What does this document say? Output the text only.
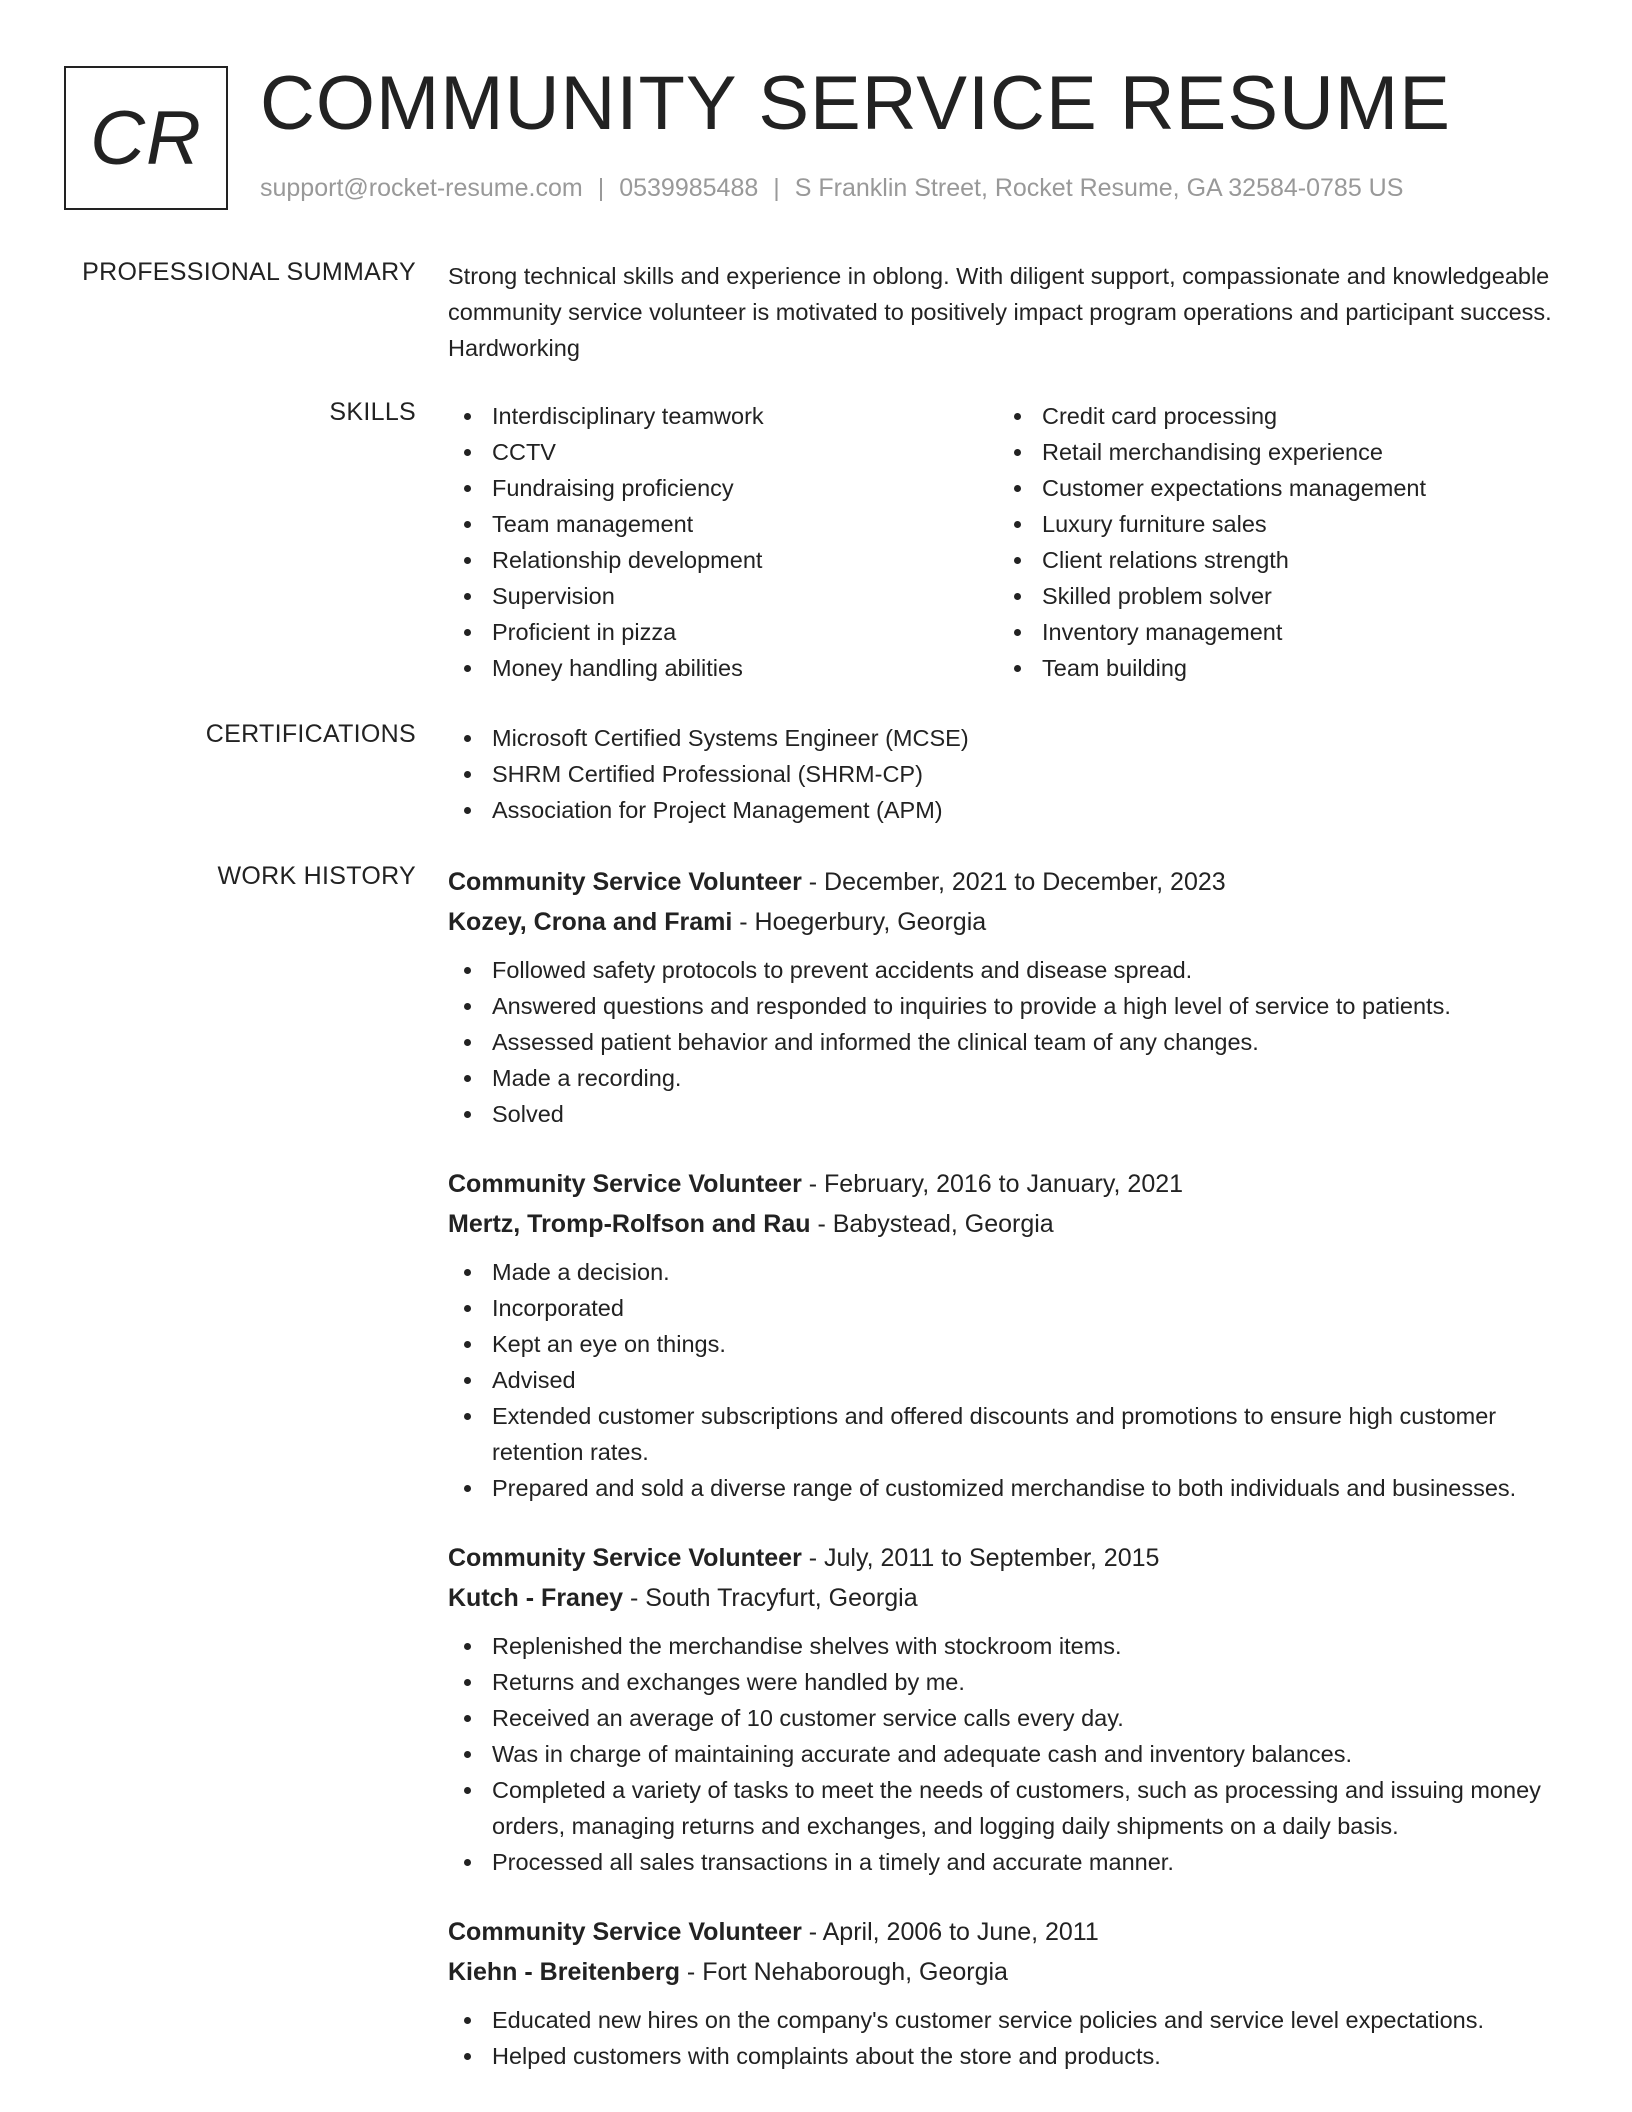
CR COMMUNITY SERVICE RESUME
support@rocket-resume.com | 0539985488 | S Franklin Street, Rocket Resume, GA 32584-0785 US
PROFESSIONAL SUMMARY Strong technical skills and experience in oblong. With diligent support, compassionate and knowledgeable community service volunteer is motivated to positively impact program operations and participant success. Hardworking
SKILLS	Interdisciplinary teamwork
CCTV
Fundraising proficiency
Team management
Relationship development
Supervision
Proficient in pizza
Money handling abilities
Credit card processing
Retail merchandising experience
Customer expectations management
Luxury furniture sales
Client relations strength
Skilled problem solver
Inventory management
Team building
CERTIFICATIONS	Microsoft Certified Systems Engineer (MCSE)
SHRM Certified Professional (SHRM-CP)
Association for Project Management (APM)
WORK HISTORY Community Service Volunteer - December, 2021 to December, 2023
Kozey, Crona and Frami - Hoegerbury, Georgia
Followed safety protocols to prevent accidents and disease spread.
Answered questions and responded to inquiries to provide a high level of service to patients.
Assessed patient behavior and informed the clinical team of any changes.
Made a recording.
Solved
Community Service Volunteer - February, 2016 to January, 2021
Mertz, Tromp-Rolfson and Rau - Babystead, Georgia
Made a decision.
Incorporated
Kept an eye on things.
Advised
Extended customer subscriptions and offered discounts and promotions to ensure high customer retention rates.
Prepared and sold a diverse range of customized merchandise to both individuals and businesses.
Community Service Volunteer - July, 2011 to September, 2015
Kutch - Franey - South Tracyfurt, Georgia
Replenished the merchandise shelves with stockroom items.
Returns and exchanges were handled by me.
Received an average of 10 customer service calls every day.
Was in charge of maintaining accurate and adequate cash and inventory balances.
Completed a variety of tasks to meet the needs of customers, such as processing and issuing money orders, managing returns and exchanges, and logging daily shipments on a daily basis.
Processed all sales transactions in a timely and accurate manner.
Community Service Volunteer - April, 2006 to June, 2011
Kiehn - Breitenberg - Fort Nehaborough, Georgia
Educated new hires on the company's customer service policies and service level expectations.
Helped customers with complaints about the store and products.
